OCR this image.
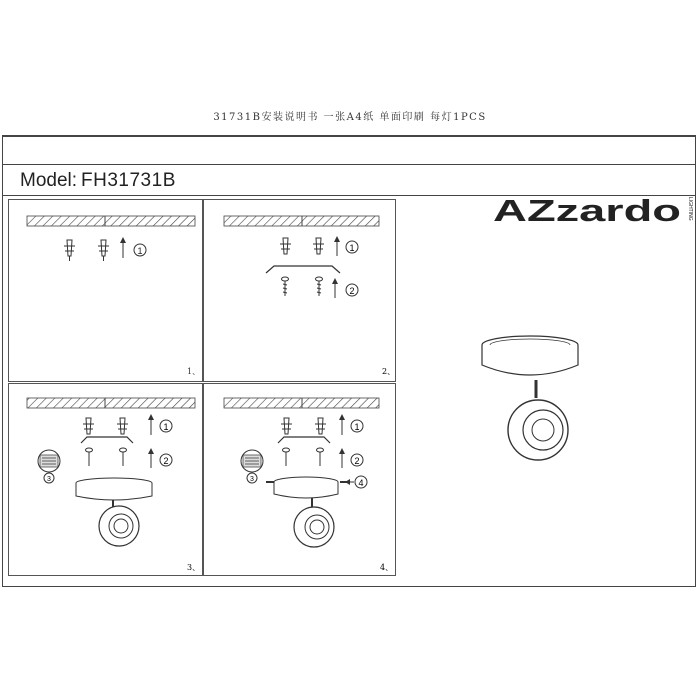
31731B安装说明书 一张A4纸 单面印刷 每灯1PCS
Model: FH31731B
AZzardo LIGHTING
1
1、
1
2
2、
1
2
3
3、
1
2
3	4
4、
